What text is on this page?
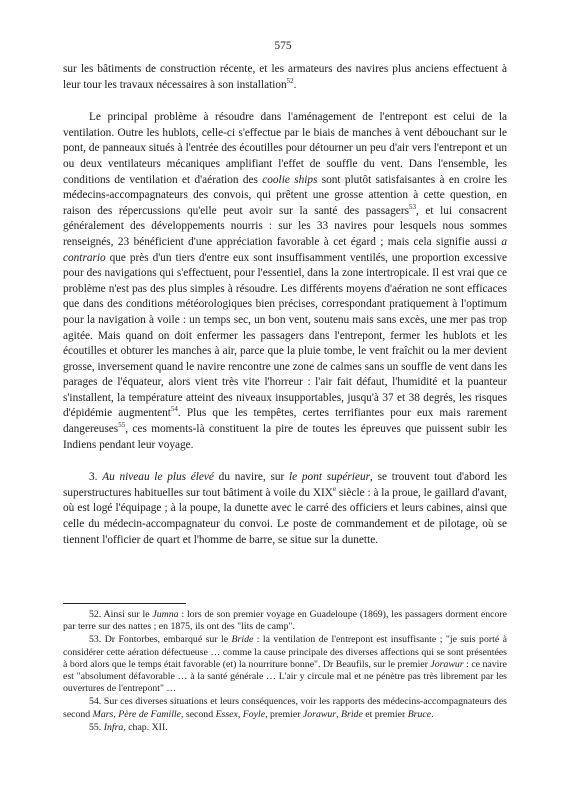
575

sur les bâtiments de construction récente, et les armateurs des navires plus anciens effectuent à leur tour les travaux nécessaires à son installation$^{52}$.

Le principal problème à résoudre dans l'aménagement de l'entrepont est celui de la ventilation. Outre les hublots, celle-ci s'effectue par le biais de manches à vent débouchant sur le pont, de panneaux situés à l'entrée des écoutilles pour détourner un peu d'air vers l'entrepont et un ou deux ventilateurs mécaniques amplifiant l'effet de souffle du vent. Dans l'ensemble, les conditions de ventilation et d'aération des coolie ships sont plutôt satisfaisantes à en croire les médecins-accompagnateurs des convois, qui prêtent une grosse attention à cette question, en raison des répercussions qu'elle peut avoir sur la santé des passagers$^{53}$, et lui consacrent généralement des développements nourris : sur les 33 navires pour lesquels nous sommes renseignés, 23 bénéficient d'une appréciation favorable à cet égard ; mais cela signifie aussi a contrario que près d'un tiers d'entre eux sont insuffisamment ventilés, une proportion excessive pour des navigations qui s'effectuent, pour l'essentiel, dans la zone intertropicale. Il est vrai que ce problème n'est pas des plus simples à résoudre. Les différents moyens d'aération ne sont efficaces que dans des conditions météorologiques bien précises, correspondant pratiquement à l'optimum pour la navigation à voile : un temps sec, un bon vent, soutenu mais sans excès, une mer pas trop agitée. Mais quand on doit enfermer les passagers dans l'entrepont, fermer les hublots et les écoutilles et obturer les manches à air, parce que la pluie tombe, le vent fraîchit ou la mer devient grosse, inversement quand le navire rencontre une zone de calmes sans un souffle de vent dans les parages de l'équateur, alors vient très vite l'horreur : l'air fait défaut, l'humidité et la puanteur s'installent, la température atteint des niveaux insupportables, jusqu'à 37 et 38 degrés, les risques d'épidémie augmentent$^{54}$. Plus que les tempêtes, certes terrifiantes pour eux mais rarement dangereuses$^{55}$, ces moments-là constituent la pire de toutes les épreuves que puissent subir les Indiens pendant leur voyage.

3. Au niveau le plus élevé du navire, sur le pont supérieur, se trouvent tout d'abord les superstructures habituelles sur tout bâtiment à voile du XIXe siècle : à la proue, le gaillard d'avant, où est logé l'équipage ; à la poupe, la dunette avec le carré des officiers et leurs cabines, ainsi que celle du médecin-accompagnateur du convoi. Le poste de commandement et de pilotage, où se tiennent l'officier de quart et l'homme de barre, se situe sur la dunette.

52. Ainsi sur le Jumna : lors de son premier voyage en Guadeloupe (1869), les passagers dorment encore par terre sur des nattes ; en 1875, ils ont des "lits de camp".

53. Dr Fontorbes, embarqué sur le Bride : la ventilation de l'entrepont est insuffisante ; "je suis porté à considérer cette aération défectueuse … comme la cause principale des diverses affections qui se sont présentées à bord alors que le temps était favorable (et) la nourriture bonne". Dr Beaufils, sur le premier Jorawur : ce navire est "absolument défavorable … à la santé générale … L'air y circule mal et ne pénètre pas très librement par les ouvertures de l'entrepont" …

54. Sur ces diverses situations et leurs conséquences, voir les rapports des médecins-accompagnateurs des second Mars, Père de Famille, second Essex, Foyle, premier Jorawur, Bride et premier Bruce.

55. Infra, chap. XII.
